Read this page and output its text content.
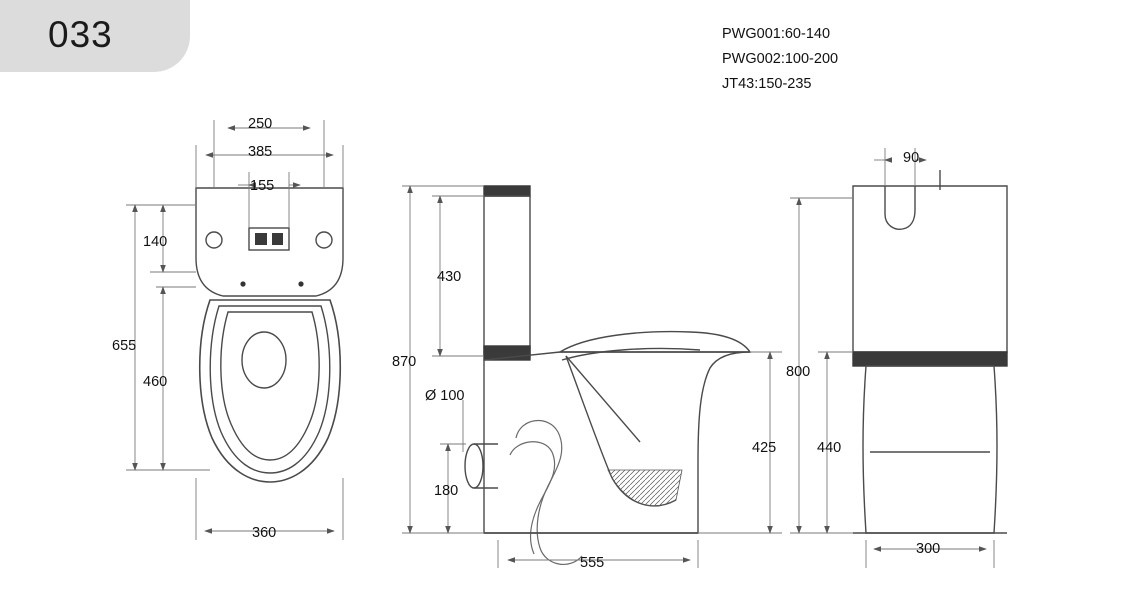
033	PWG001:60-140
PWG002:100-200
JT43:150-235
250
385
155
140
655
460
360
430
870
Ø 100
180
425
555
90
800
440
300
